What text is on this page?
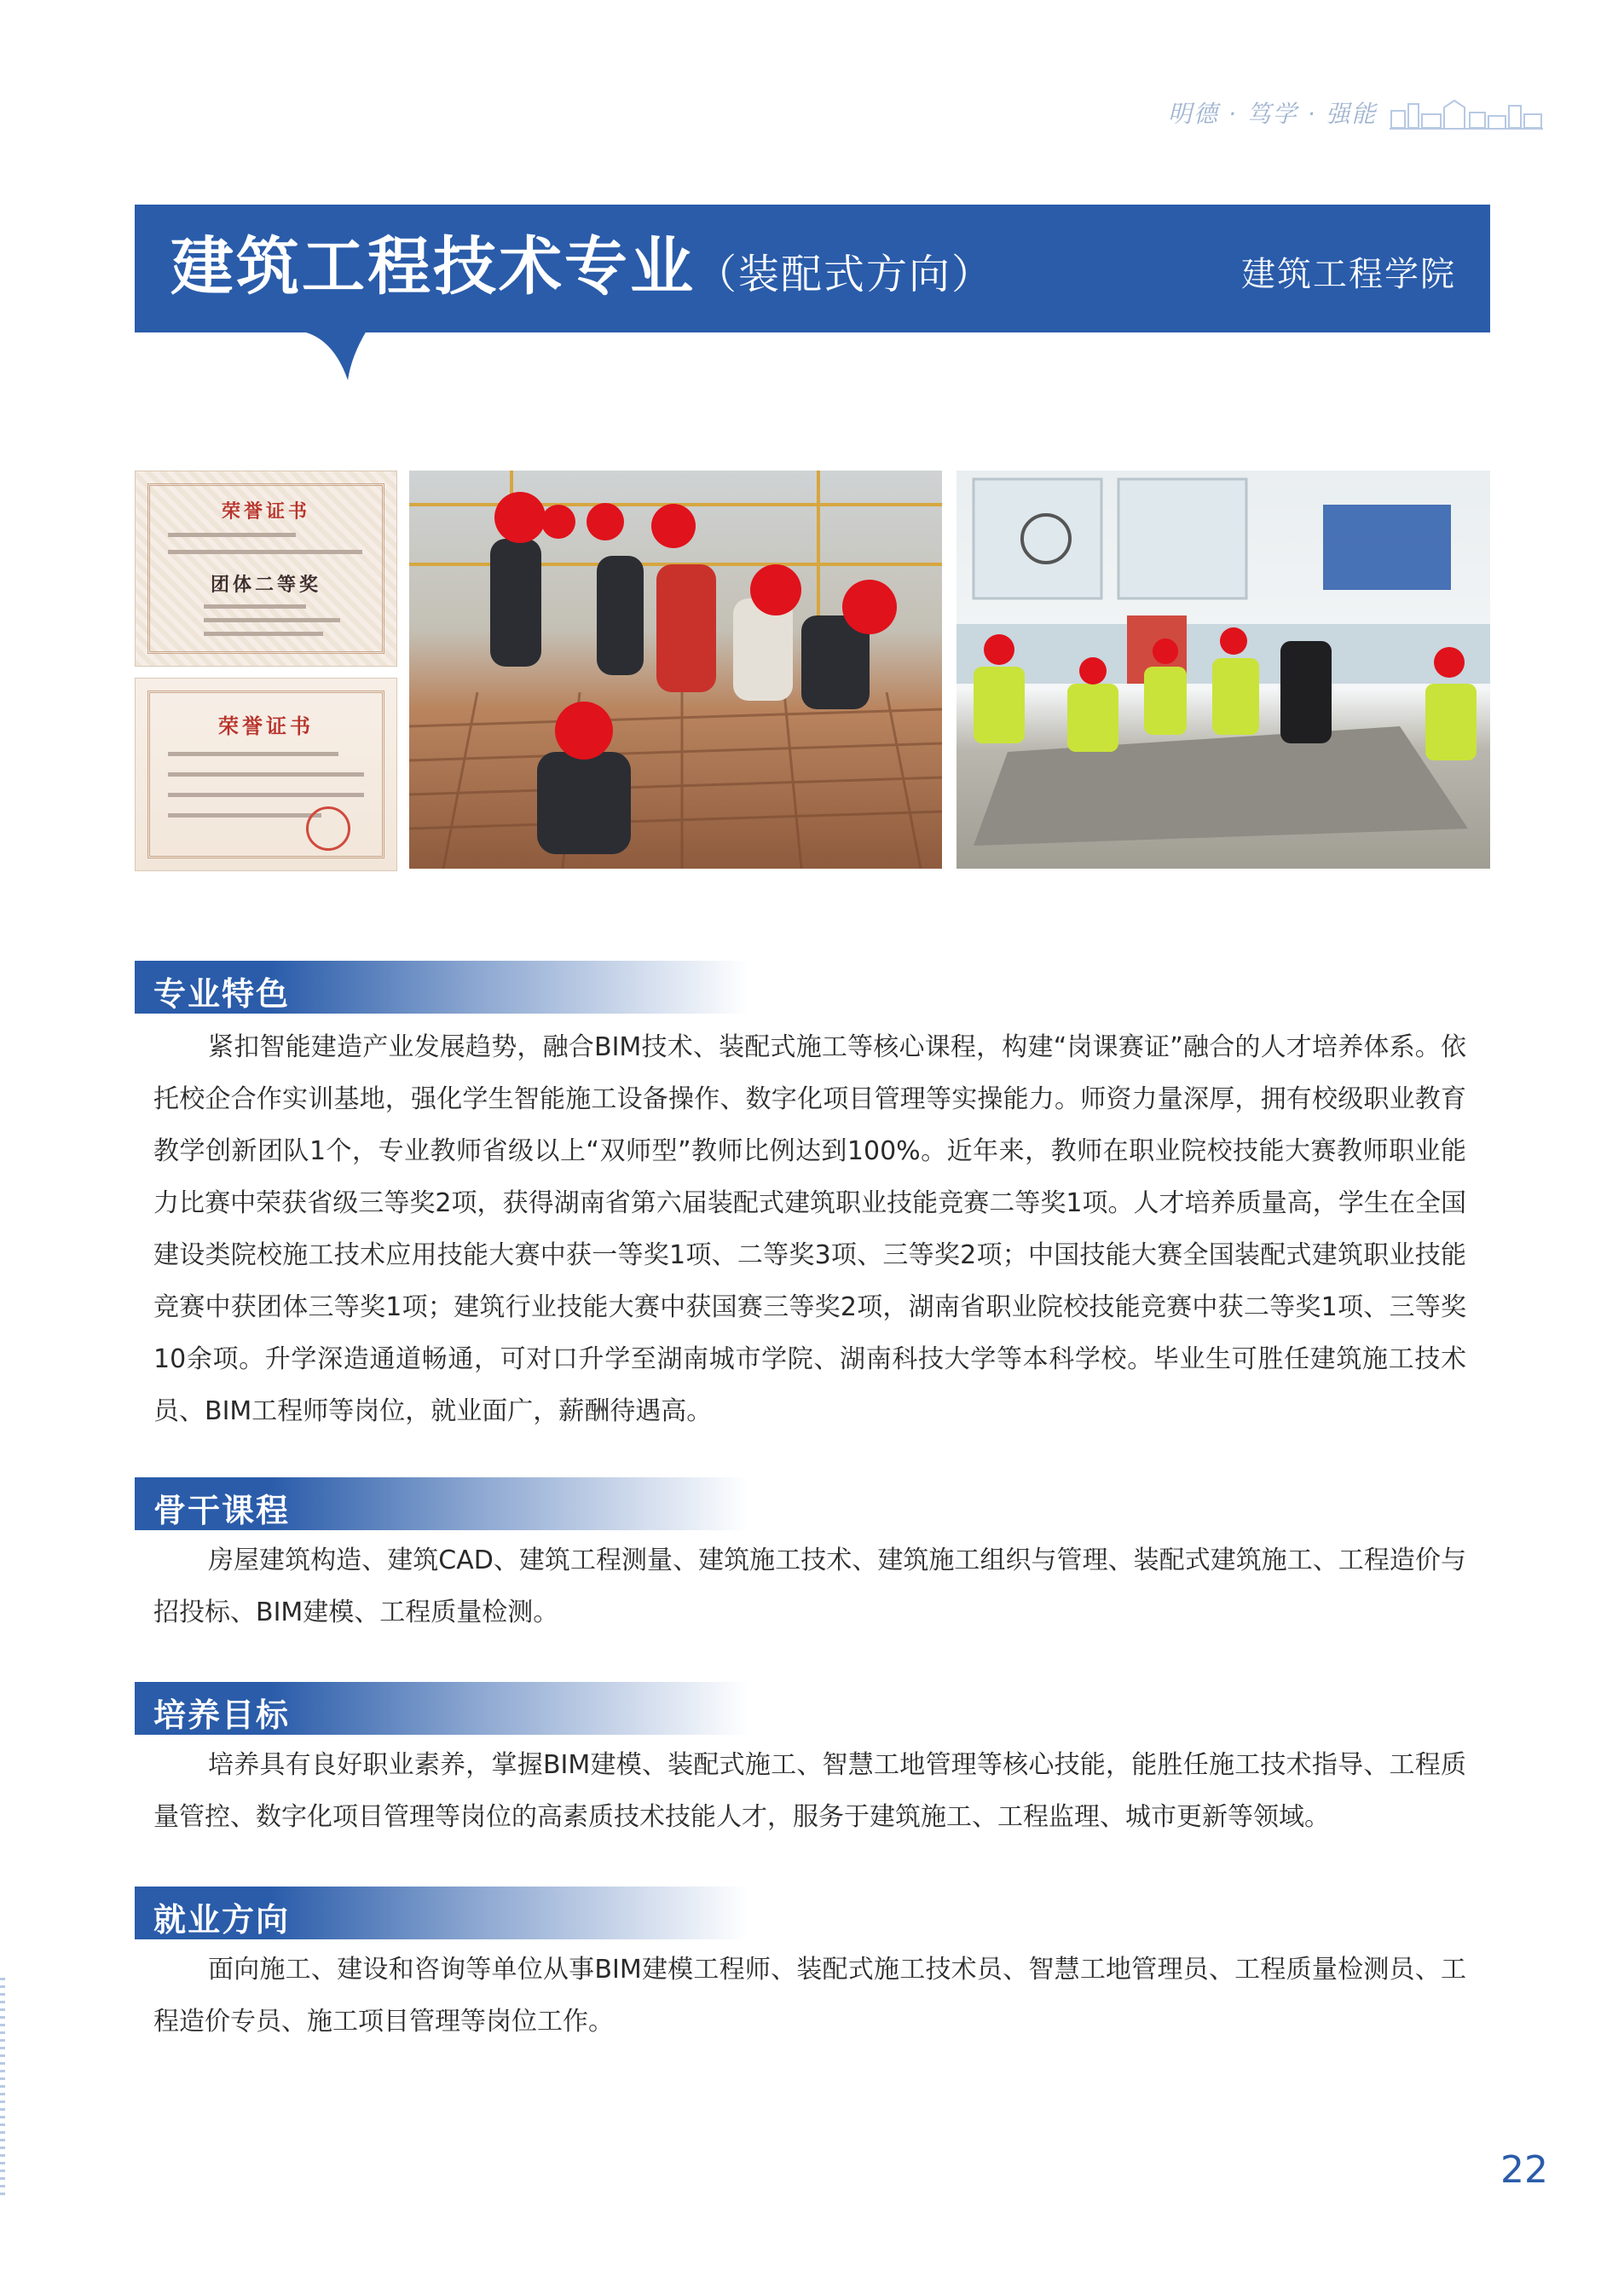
明德 · 笃学 · 强能
建筑工程技术专业（装配式方向）	建筑工程学院
荣誉证书
团体二等奖
荣誉证书
专业特色

紧扣智能建造产业发展趋势，融合BIM技术、装配式施工等核心课程，构建“岗课赛证”融合的人才培养体系。依托校企合作实训基地，强化学生智能施工设备操作、数字化项目管理等实操能力。师资力量深厚，拥有校级职业教育教学创新团队1个，专业教师省级以上“双师型”教师比例达到100%。近年来，教师在职业院校技能大赛教师职业能力比赛中荣获省级三等奖2项，获得湖南省第六届装配式建筑职业技能竞赛二等奖1项。人才培养质量高，学生在全国建设类院校施工技术应用技能大赛中获一等奖1项、二等奖3项、三等奖2项；中国技能大赛全国装配式建筑职业技能竞赛中获团体三等奖1项；建筑行业技能大赛中获国赛三等奖2项，湖南省职业院校技能竞赛中获二等奖1项、三等奖10余项。升学深造通道畅通，可对口升学至湖南城市学院、湖南科技大学等本科学校。毕业生可胜任建筑施工技术员、BIM工程师等岗位，就业面广，薪酬待遇高。

骨干课程

房屋建筑构造、建筑CAD、建筑工程测量、建筑施工技术、建筑施工组织与管理、装配式建筑施工、工程造价与招投标、BIM建模、工程质量检测。

培养目标

培养具有良好职业素养，掌握BIM建模、装配式施工、智慧工地管理等核心技能，能胜任施工技术指导、工程质量管控、数字化项目管理等岗位的高素质技术技能人才，服务于建筑施工、工程监理、城市更新等领域。

就业方向

面向施工、建设和咨询等单位从事BIM建模工程师、装配式施工技术员、智慧工地管理员、工程质量检测员、工程造价专员、施工项目管理等岗位工作。

22
